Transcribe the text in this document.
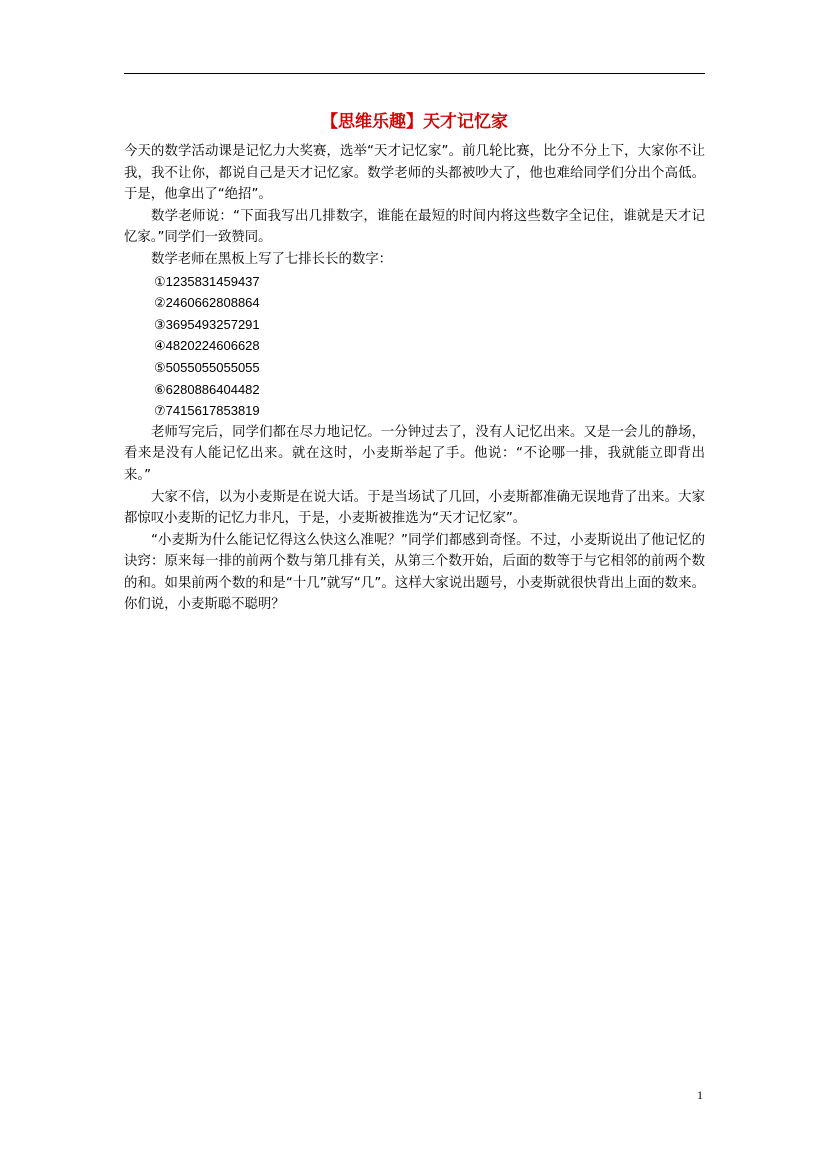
【思维乐趣】天才记忆家

今天的数学活动课是记忆力大奖赛，选举“天才记忆家”。前几轮比赛，比分不分上下，大家你不让我，我不让你，都说自己是天才记忆家。数学老师的头都被吵大了，他也难给同学们分出个高低。于是，他拿出了“绝招”。

数学老师说：“下面我写出几排数字，谁能在最短的时间内将这些数字全记住，谁就是天才记忆家。”同学们一致赞同。

数学老师在黑板上写了七排长长的数字：

①1235831459437

②2460662808864

③3695493257291

④4820224606628

⑤5055055055055

⑥6280886404482

⑦7415617853819

老师写完后，同学们都在尽力地记忆。一分钟过去了，没有人记忆出来。又是一会儿的静场，看来是没有人能记忆出来。就在这时，小麦斯举起了手。他说：“不论哪一排，我就能立即背出来。”

大家不信，以为小麦斯是在说大话。于是当场试了几回，小麦斯都准确无误地背了出来。大家都惊叹小麦斯的记忆力非凡，于是，小麦斯被推选为“天才记忆家”。

“小麦斯为什么能记忆得这么快这么准呢？”同学们都感到奇怪。不过，小麦斯说出了他记忆的诀窍：原来每一排的前两个数与第几排有关，从第三个数开始，后面的数等于与它相邻的前两个数的和。如果前两个数的和是“十几”就写“几”。这样大家说出题号，小麦斯就很快背出上面的数来。你们说，小麦斯聪不聪明？

1
